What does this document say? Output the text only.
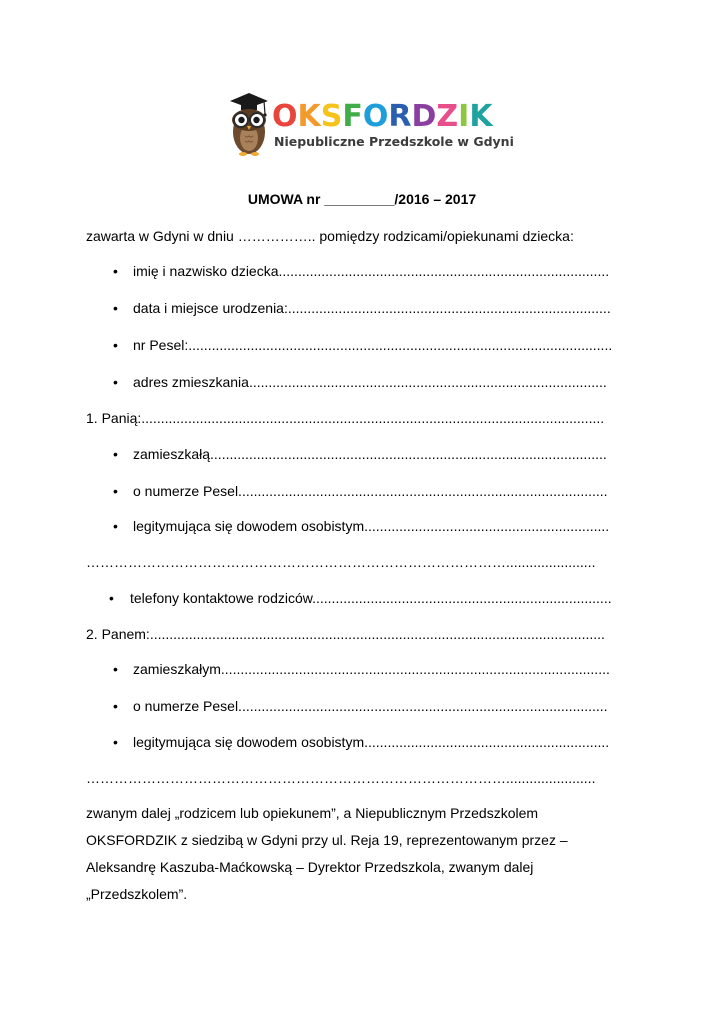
OKSFORDZIK
Niepubliczne Przedszkole w Gdyni
UMOWA nr _________/2016 – 2017
zawarta w Gdyni w dniu …………….. pomiędzy rodzicami/opiekunami dziecka:
• imię i nazwisko dziecka.....................................................................................
• data i miejsce urodzenia:...................................................................................
• nr Pesel:.............................................................................................................
• adres zmieszkania............................................................................................
1. Panią:.......................................................................................................................
• zamieszkałą......................................................................................................
• o numerze Pesel...............................................................................................
• legitymująca się dowodem osobistym...............................................................
……………………………………………………………………………….......................
• telefony kontaktowe rodziców.............................................................................
2. Panem:.....................................................................................................................
• zamieszkałym....................................................................................................
• o numerze Pesel...............................................................................................
• legitymująca się dowodem osobistym...............................................................
……………………………………………………………………………….......................
zwanym dalej „rodzicem lub opiekunem”, a Niepublicznym Przedszkolem
OKSFORDZIK z siedzibą w Gdyni przy ul. Reja 19, reprezentowanym przez –
Aleksandrę Kaszuba-Maćkowską – Dyrektor Przedszkola, zwanym dalej
„Przedszkolem”.
